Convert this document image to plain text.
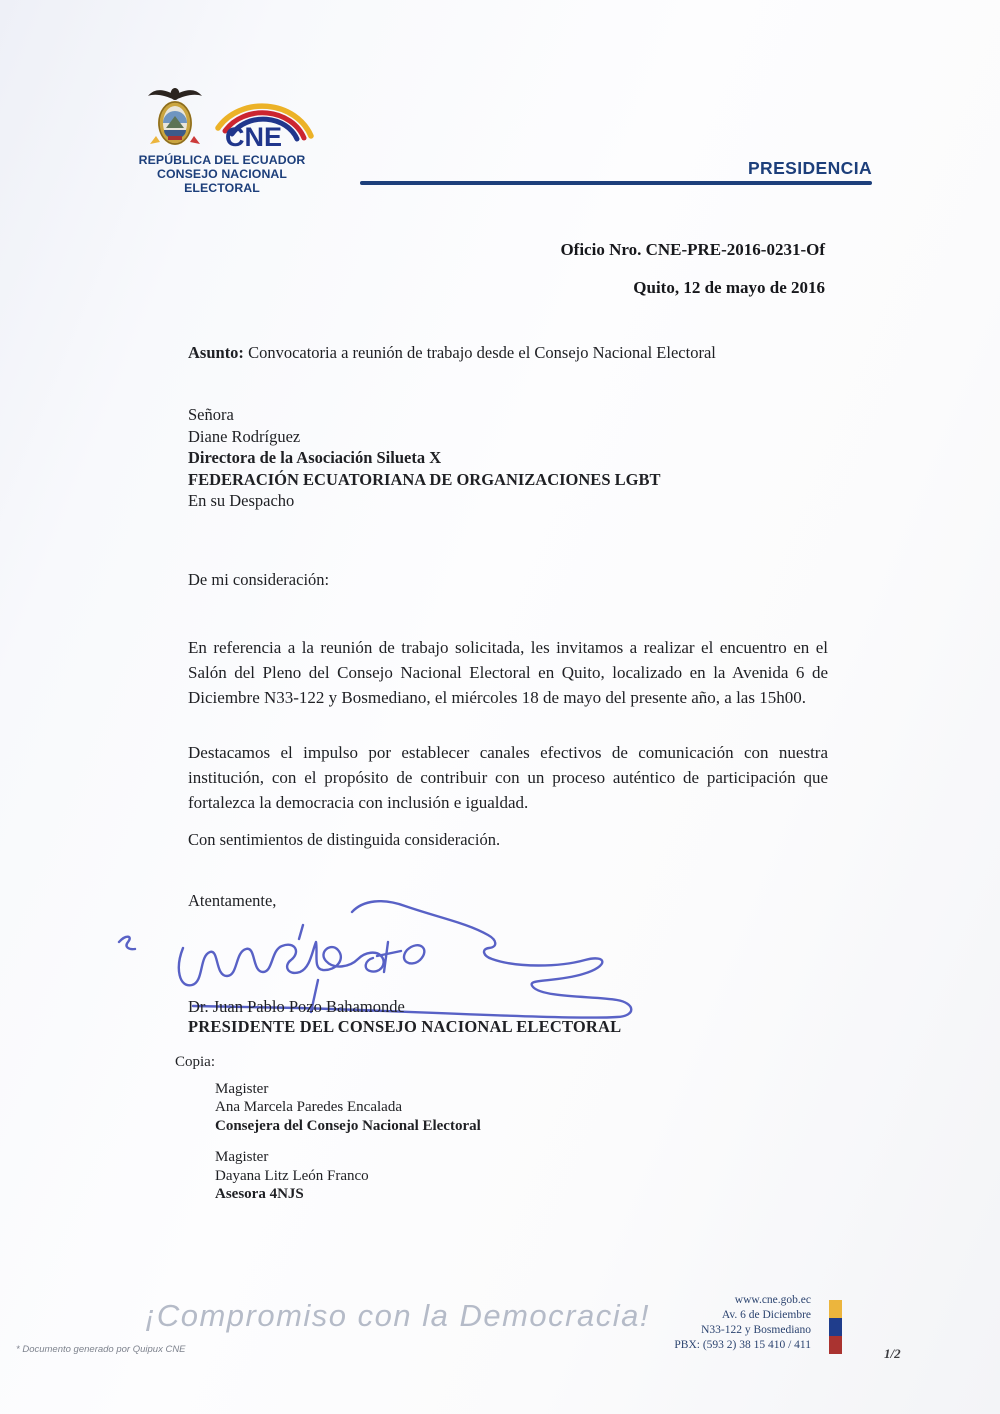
CNE
REPÚBLICA DEL ECUADOR
CONSEJO NACIONAL ELECTORAL
PRESIDENCIA
Oficio Nro. CNE-PRE-2016-0231-Of
Quito, 12 de mayo de 2016
Asunto: Convocatoria a reunión de trabajo desde el Consejo Nacional Electoral
Señora
Diane Rodríguez
Directora de la Asociación Silueta X
FEDERACIÓN ECUATORIANA DE ORGANIZACIONES LGBT
En su Despacho
De mi consideración:
En referencia a la reunión de trabajo solicitada, les invitamos a realizar el encuentro en el Salón del Pleno del Consejo Nacional Electoral en Quito, localizado en la Avenida 6 de Diciembre N33-122 y Bosmediano, el miércoles 18 de mayo del presente año, a las 15h00.
Destacamos el impulso por establecer canales efectivos de comunicación con nuestra institución, con el propósito de contribuir con un proceso auténtico de participación que fortalezca la democracia con inclusión e igualdad.
Con sentimientos de distinguida consideración.
Atentamente,
Dr. Juan Pablo Pozo Bahamonde
PRESIDENTE DEL CONSEJO NACIONAL ELECTORAL
Copia:
Magister
Ana Marcela Paredes Encalada
Consejera del Consejo Nacional Electoral
Magister
Dayana Litz León Franco
Asesora 4NJS
¡Compromiso con la Democracia!
* Documento generado por Quipux CNE
www.cne.gob.ec
Av. 6 de Diciembre
N33-122 y Bosmediano
PBX: (593 2) 38 15 410 / 411
1/2
